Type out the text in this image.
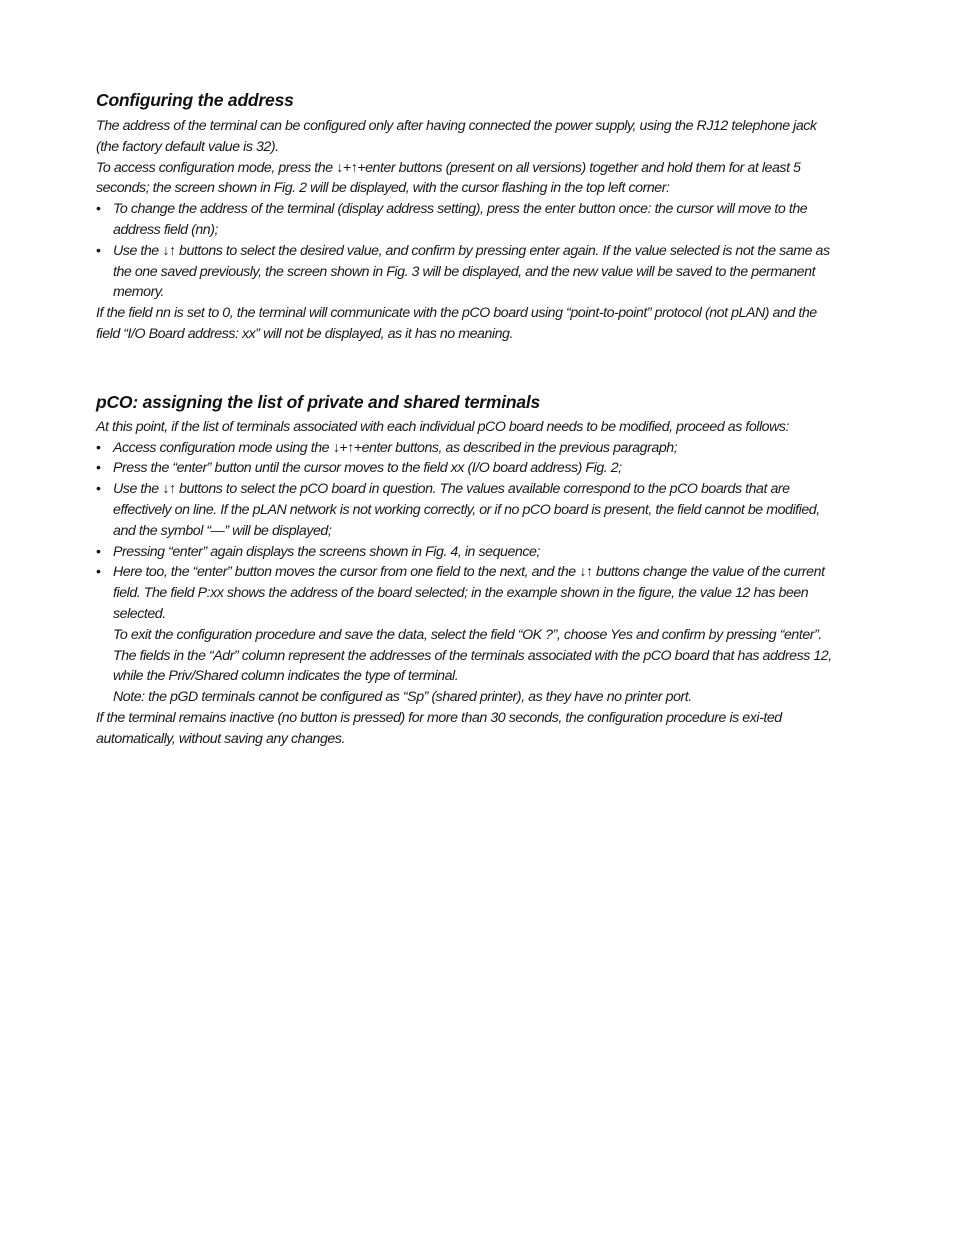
Configuring the address

The address of the terminal can be configured only after having connected the power supply, using the RJ12 telephone jack (the factory default value is 32).

To access configuration mode, press the ↓+↑+enter buttons (present on all versions) together and hold them for at least 5 seconds; the screen shown in Fig. 2 will be displayed, with the cursor flashing in the top left corner:

• To change the address of the terminal (display address setting), press the enter button once: the cursor will move to the address field (nn);
• Use the ↓↑ buttons to select the desired value, and confirm by pressing enter again. If the value selected is not the same as the one saved previously, the screen shown in Fig. 3 will be displayed, and the new value will be saved to the permanent memory.

If the field nn is set to 0, the terminal will communicate with the pCO board using “point-to-point” protocol (not pLAN) and the field “I/O Board address: xx” will not be displayed, as it has no meaning.

pCO: assigning the list of private and shared terminals

At this point, if the list of terminals associated with each individual pCO board needs to be modified, proceed as follows:

• Access configuration mode using the ↓+↑+enter buttons, as described in the previous paragraph;
• Press the “enter” button until the cursor moves to the field xx (I/O board address) Fig. 2;
• Use the ↓↑ buttons to select the pCO board in question. The values available correspond to the pCO boards that are effectively on line. If the pLAN network is not working correctly, or if no pCO board is present, the field cannot be modified, and the symbol “—” will be displayed;
• Pressing “enter” again displays the screens shown in Fig. 4, in sequence;
• Here too, the “enter” button moves the cursor from one field to the next, and the ↓↑ buttons change the value of the current field. The field P:xx shows the address of the board selected; in the example shown in the figure, the value 12 has been selected.

To exit the configuration procedure and save the data, select the field “OK ?”, choose Yes and confirm by pressing “enter”.

The fields in the “Adr” column represent the addresses of the terminals associated with the pCO board that has address 12, while the Priv/Shared column indicates the type of terminal.

Note: the pGD terminals cannot be configured as “Sp” (shared printer), as they have no printer port.

If the terminal remains inactive (no button is pressed) for more than 30 seconds, the configuration procedure is exi-ted automatically, without saving any changes.
